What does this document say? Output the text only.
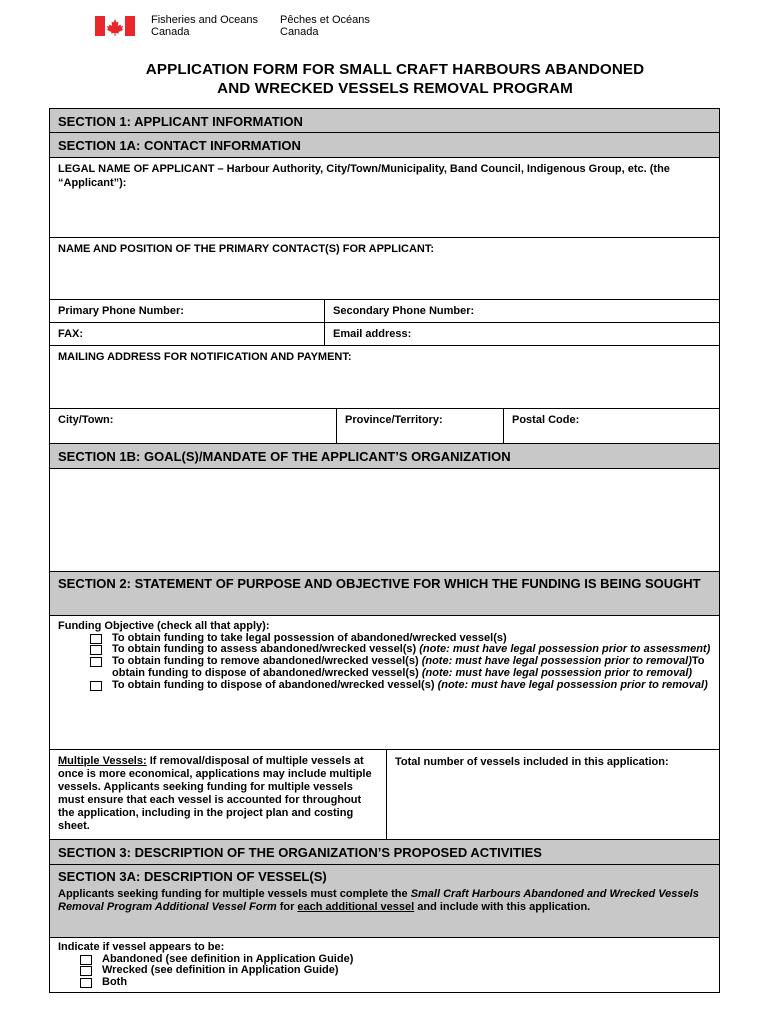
Fisheries and Oceans
Canada
Pêches et Océans
Canada
APPLICATION FORM FOR SMALL CRAFT HARBOURS ABANDONED
AND WRECKED VESSELS REMOVAL PROGRAM
SECTION 1: APPLICANT INFORMATION
SECTION 1A: CONTACT INFORMATION
LEGAL NAME OF APPLICANT – Harbour Authority, City/Town/Municipality, Band Council, Indigenous Group, etc. (the “Applicant”):
NAME AND POSITION OF THE PRIMARY CONTACT(S) FOR APPLICANT:
Primary Phone Number:	Secondary Phone Number:
FAX:	Email address:
MAILING ADDRESS FOR NOTIFICATION AND PAYMENT:
City/Town:	Province/Territory:	Postal Code:
SECTION 1B: GOAL(S)/MANDATE OF THE APPLICANT’S ORGANIZATION
SECTION 2: STATEMENT OF PURPOSE AND OBJECTIVE FOR WHICH THE FUNDING IS BEING SOUGHT
Funding Objective (check all that apply):
To obtain funding to take legal possession of abandoned/wrecked vessel(s)
To obtain funding to assess abandoned/wrecked vessel(s) (note: must have legal possession prior to assessment)
To obtain funding to remove abandoned/wrecked vessel(s) (note: must have legal possession prior to removal)To obtain funding to dispose of abandoned/wrecked vessel(s) (note: must have legal possession prior to removal)
To obtain funding to dispose of abandoned/wrecked vessel(s) (note: must have legal possession prior to removal)
Multiple Vessels: If removal/disposal of multiple vessels at once is more economical, applications may include multiple vessels. Applicants seeking funding for multiple vessels must ensure that each vessel is accounted for throughout the application, including in the project plan and costing sheet.
Total number of vessels included in this application:
SECTION 3: DESCRIPTION OF THE ORGANIZATION’S PROPOSED ACTIVITIES
SECTION 3A: DESCRIPTION OF VESSEL(S)
Applicants seeking funding for multiple vessels must complete the Small Craft Harbours Abandoned and Wrecked Vessels Removal Program Additional Vessel Form for each additional vessel and include with this application.
Indicate if vessel appears to be:
Abandoned (see definition in Application Guide)
Wrecked (see definition in Application Guide)
Both
